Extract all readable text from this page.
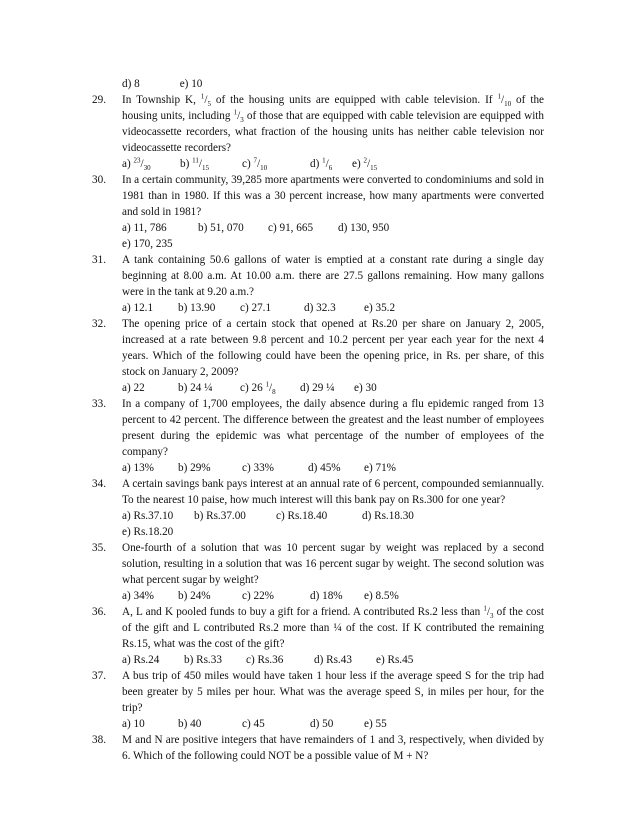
d) 8	e) 10
29. In Township K, $^1/_5$ of the housing units are equipped with cable television. If $^1/_{10}$ of the housing units, including $^1/_3$ of those that are equipped with cable television are equipped with videocassette recorders, what fraction of the housing units has neither cable television nor videocassette recorders?
a) $^{23}/_{30}$	b) $^{11}/_{15}$	c) $^7/_{10}$	d) $^1/_6$ e) $^2/_{15}$
30. In a certain community, 39,285 more apartments were converted to condominiums and sold in 1981 than in 1980. If this was a 30 percent increase, how many apartments were converted and sold in 1981?
a) 11, 786	b) 51, 070 c) 91, 665 d) 130, 950
e) 170, 235
31. A tank containing 50.6 gallons of water is emptied at a constant rate during a single day beginning at 8.00 a.m. At 10.00 a.m. there are 27.5 gallons remaining. How many gallons were in the tank at 9.20 a.m.?
a) 12.1 b) 13.90 c) 27.1	d) 32.3	e) 35.2
32. The opening price of a certain stock that opened at Rs.20 per share on January 2, 2005, increased at a rate between 9.8 percent and 10.2 percent per year each year for the next 4 years. Which of the following could have been the opening price, in Rs. per share, of this stock on January 2, 2009?
a) 22	b) 24 ¼ c) 26 $^1/_8$ d) 29 ¼ e) 30
33. In a company of 1,700 employees, the daily absence during a flu epidemic ranged from 13 percent to 42 percent. The difference between the greatest and the least number of employees present during the epidemic was what percentage of the number of employees of the company?
a) 13% b) 29%	c) 33%	d) 45% e) 71%
34. A certain savings bank pays interest at an annual rate of 6 percent, compounded semiannually. To the nearest 10 paise, how much interest will this bank pay on Rs.300 for one year?
a) Rs.37.10 b) Rs.37.00	c) Rs.18.40	d) Rs.18.30
e) Rs.18.20
35. One-fourth of a solution that was 10 percent sugar by weight was replaced by a second solution, resulting in a solution that was 16 percent sugar by weight. The second solution was what percent sugar by weight?
a) 34% b) 24%	c) 22%	d) 18% e) 8.5%
36. A, L and K pooled funds to buy a gift for a friend. A contributed Rs.2 less than $^1/_3$ of the cost of the gift and L contributed Rs.2 more than ¼ of the cost. If K contributed the remaining Rs.15, what was the cost of the gift?
a) Rs.24 b) Rs.33 c) Rs.36	d) Rs.43 e) Rs.45
37. A bus trip of 450 miles would have taken 1 hour less if the average speed S for the trip had been greater by 5 miles per hour. What was the average speed S, in miles per hour, for the trip?
a) 10	b) 40	c) 45	d) 50	e) 55
38. M and N are positive integers that have remainders of 1 and 3, respectively, when divided by 6. Which of the following could NOT be a possible value of M + N?
